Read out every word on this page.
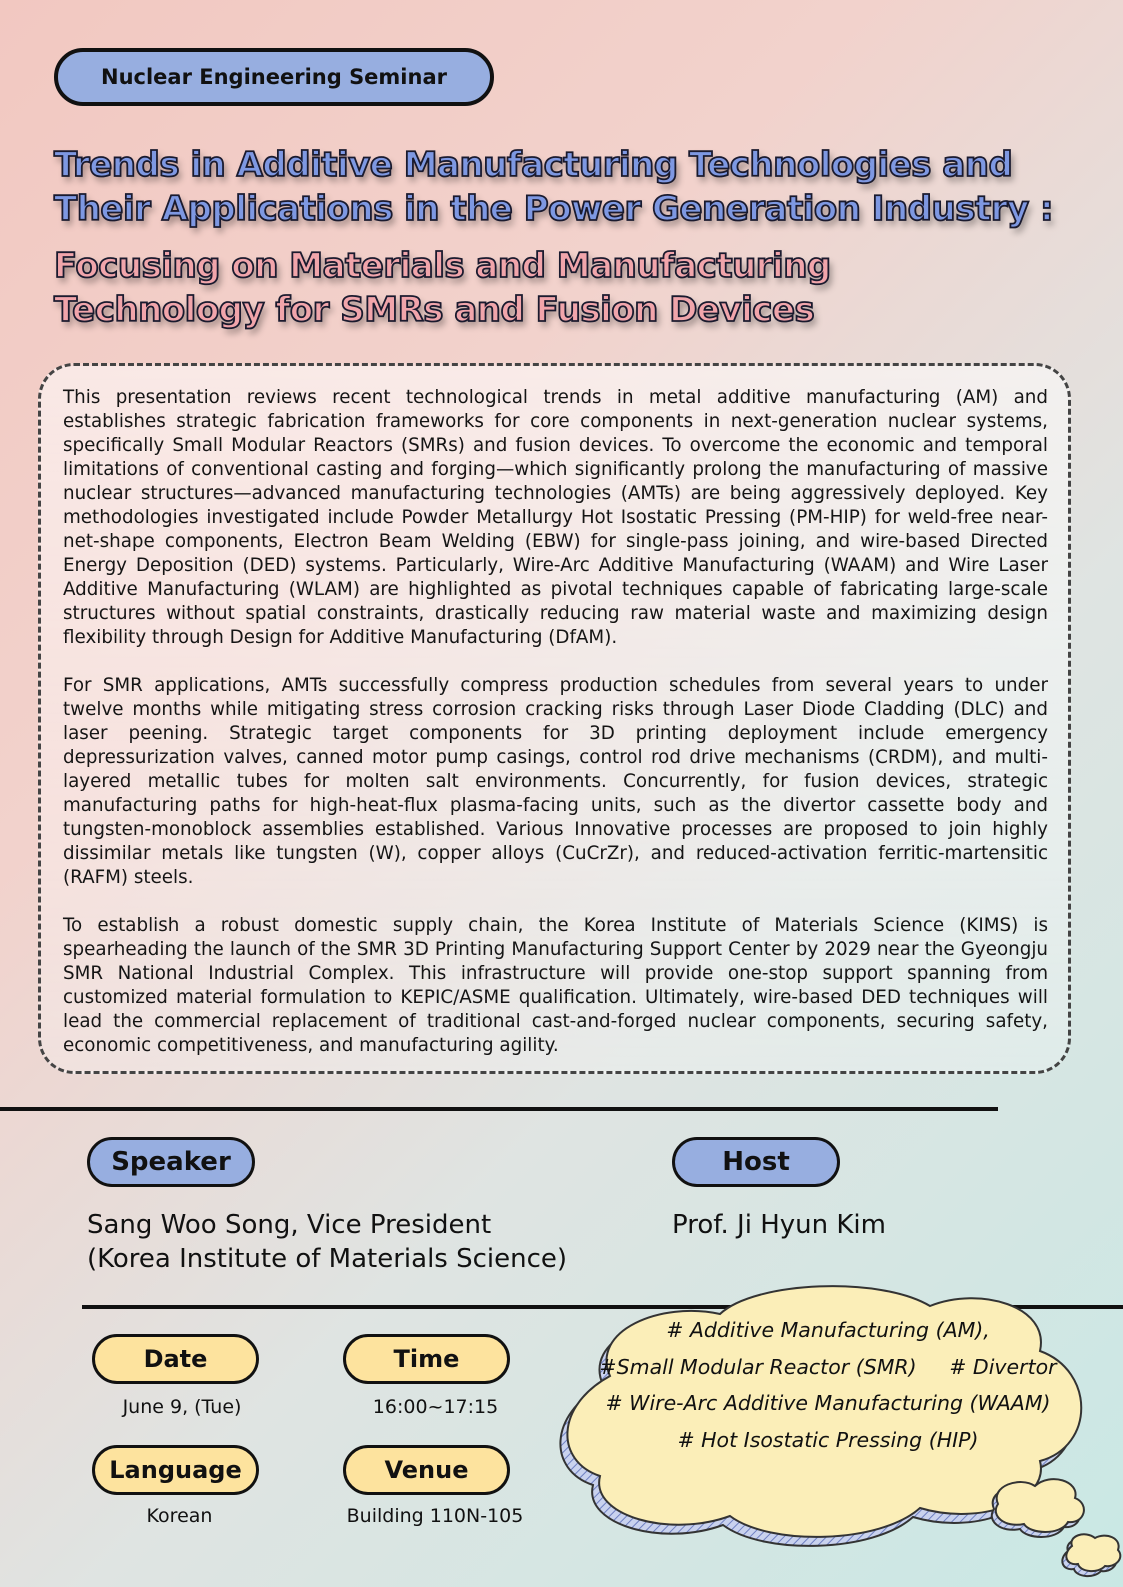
Nuclear Engineering Seminar
Trends in Additive Manufacturing Technologies and
Their Applications in the Power Generation Industry :
Focusing on Materials and Manufacturing
Technology for SMRs and Fusion Devices

This presentation reviews recent technological trends in metal additive manufacturing (AM) and establishes strategic fabrication frameworks for core components in next-generation nuclear systems, specifically Small Modular Reactors (SMRs) and fusion devices. To overcome the economic and temporal limitations of conventional casting and forging—which significantly prolong the manufacturing of massive nuclear structures—advanced manufacturing technologies (AMTs) are being aggressively deployed. Key methodologies investigated include Powder Metallurgy Hot Isostatic Pressing (PM-HIP) for weld-free near-net-shape components, Electron Beam Welding (EBW) for single-pass joining, and wire-based Directed Energy Deposition (DED) systems. Particularly, Wire-Arc Additive Manufacturing (WAAM) and Wire Laser Additive Manufacturing (WLAM) are highlighted as pivotal techniques capable of fabricating large-scale structures without spatial constraints, drastically reducing raw material waste and maximizing design flexibility through Design for Additive Manufacturing (DfAM).

For SMR applications, AMTs successfully compress production schedules from several years to under twelve months while mitigating stress corrosion cracking risks through Laser Diode Cladding (DLC) and laser peening. Strategic target components for 3D printing deployment include emergency depressurization valves, canned motor pump casings, control rod drive mechanisms (CRDM), and multi-layered metallic tubes for molten salt environments. Concurrently, for fusion devices, strategic manufacturing paths for high-heat-flux plasma-facing units, such as the divertor cassette body and tungsten-monoblock assemblies established. Various Innovative processes are proposed to join highly dissimilar metals like tungsten (W), copper alloys (CuCrZr), and reduced-activation ferritic-martensitic (RAFM) steels.

To establish a robust domestic supply chain, the Korea Institute of Materials Science (KIMS) is spearheading the launch of the SMR 3D Printing Manufacturing Support Center by 2029 near the Gyeongju SMR National Industrial Complex. This infrastructure will provide one-stop support spanning from customized material formulation to KEPIC/ASME qualification. Ultimately, wire-based DED techniques will lead the commercial replacement of traditional cast-and-forged nuclear components, securing safety, economic competitiveness, and manufacturing agility.

Speaker
Sang Woo Song, Vice President
(Korea Institute of Materials Science)
Host
Prof. Ji Hyun Kim
Date
June 9, (Tue)
Time
16:00~17:15
Language
Korean
Venue
Building 110N-105
# Additive Manufacturing (AM),
#Small Modular Reactor (SMR)     # Divertor
# Wire-Arc Additive Manufacturing (WAAM)
# Hot Isostatic Pressing (HIP)
